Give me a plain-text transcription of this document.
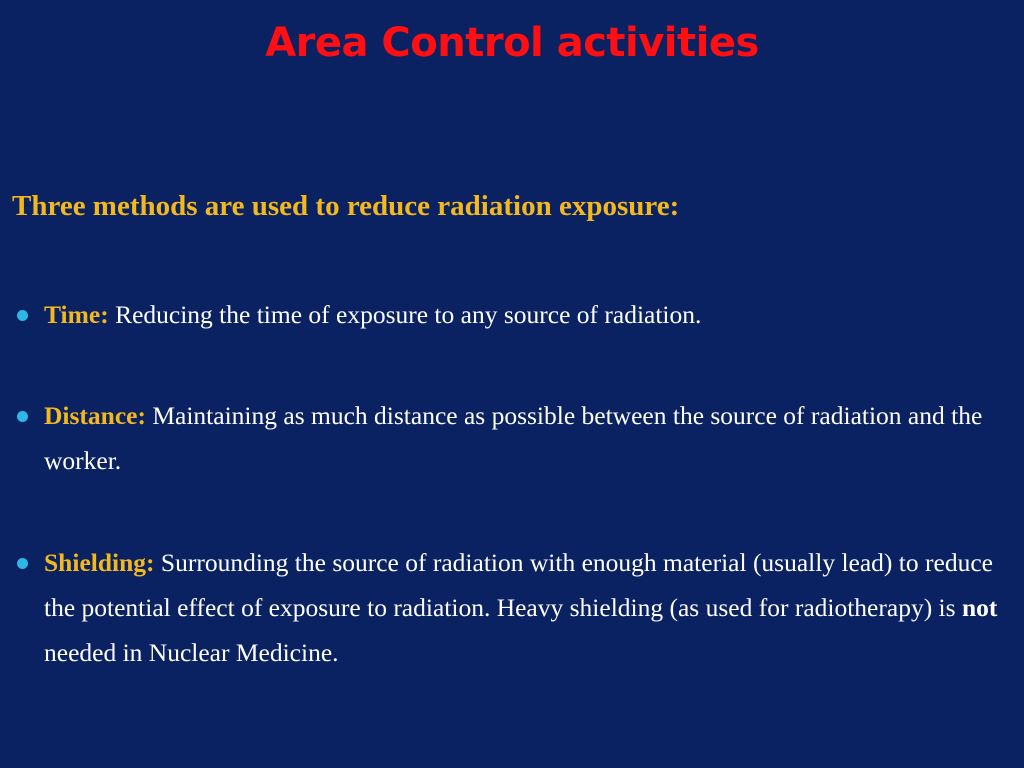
Area Control activities

Three methods are used to reduce radiation exposure:

Time: Reducing the time of exposure to any source of radiation.

Distance: Maintaining as much distance as possible between the source of radiation and the worker.

Shielding: Surrounding the source of radiation with enough material (usually lead) to reduce the potential effect of exposure to radiation. Heavy shielding (as used for radiotherapy) is not needed in Nuclear Medicine.
